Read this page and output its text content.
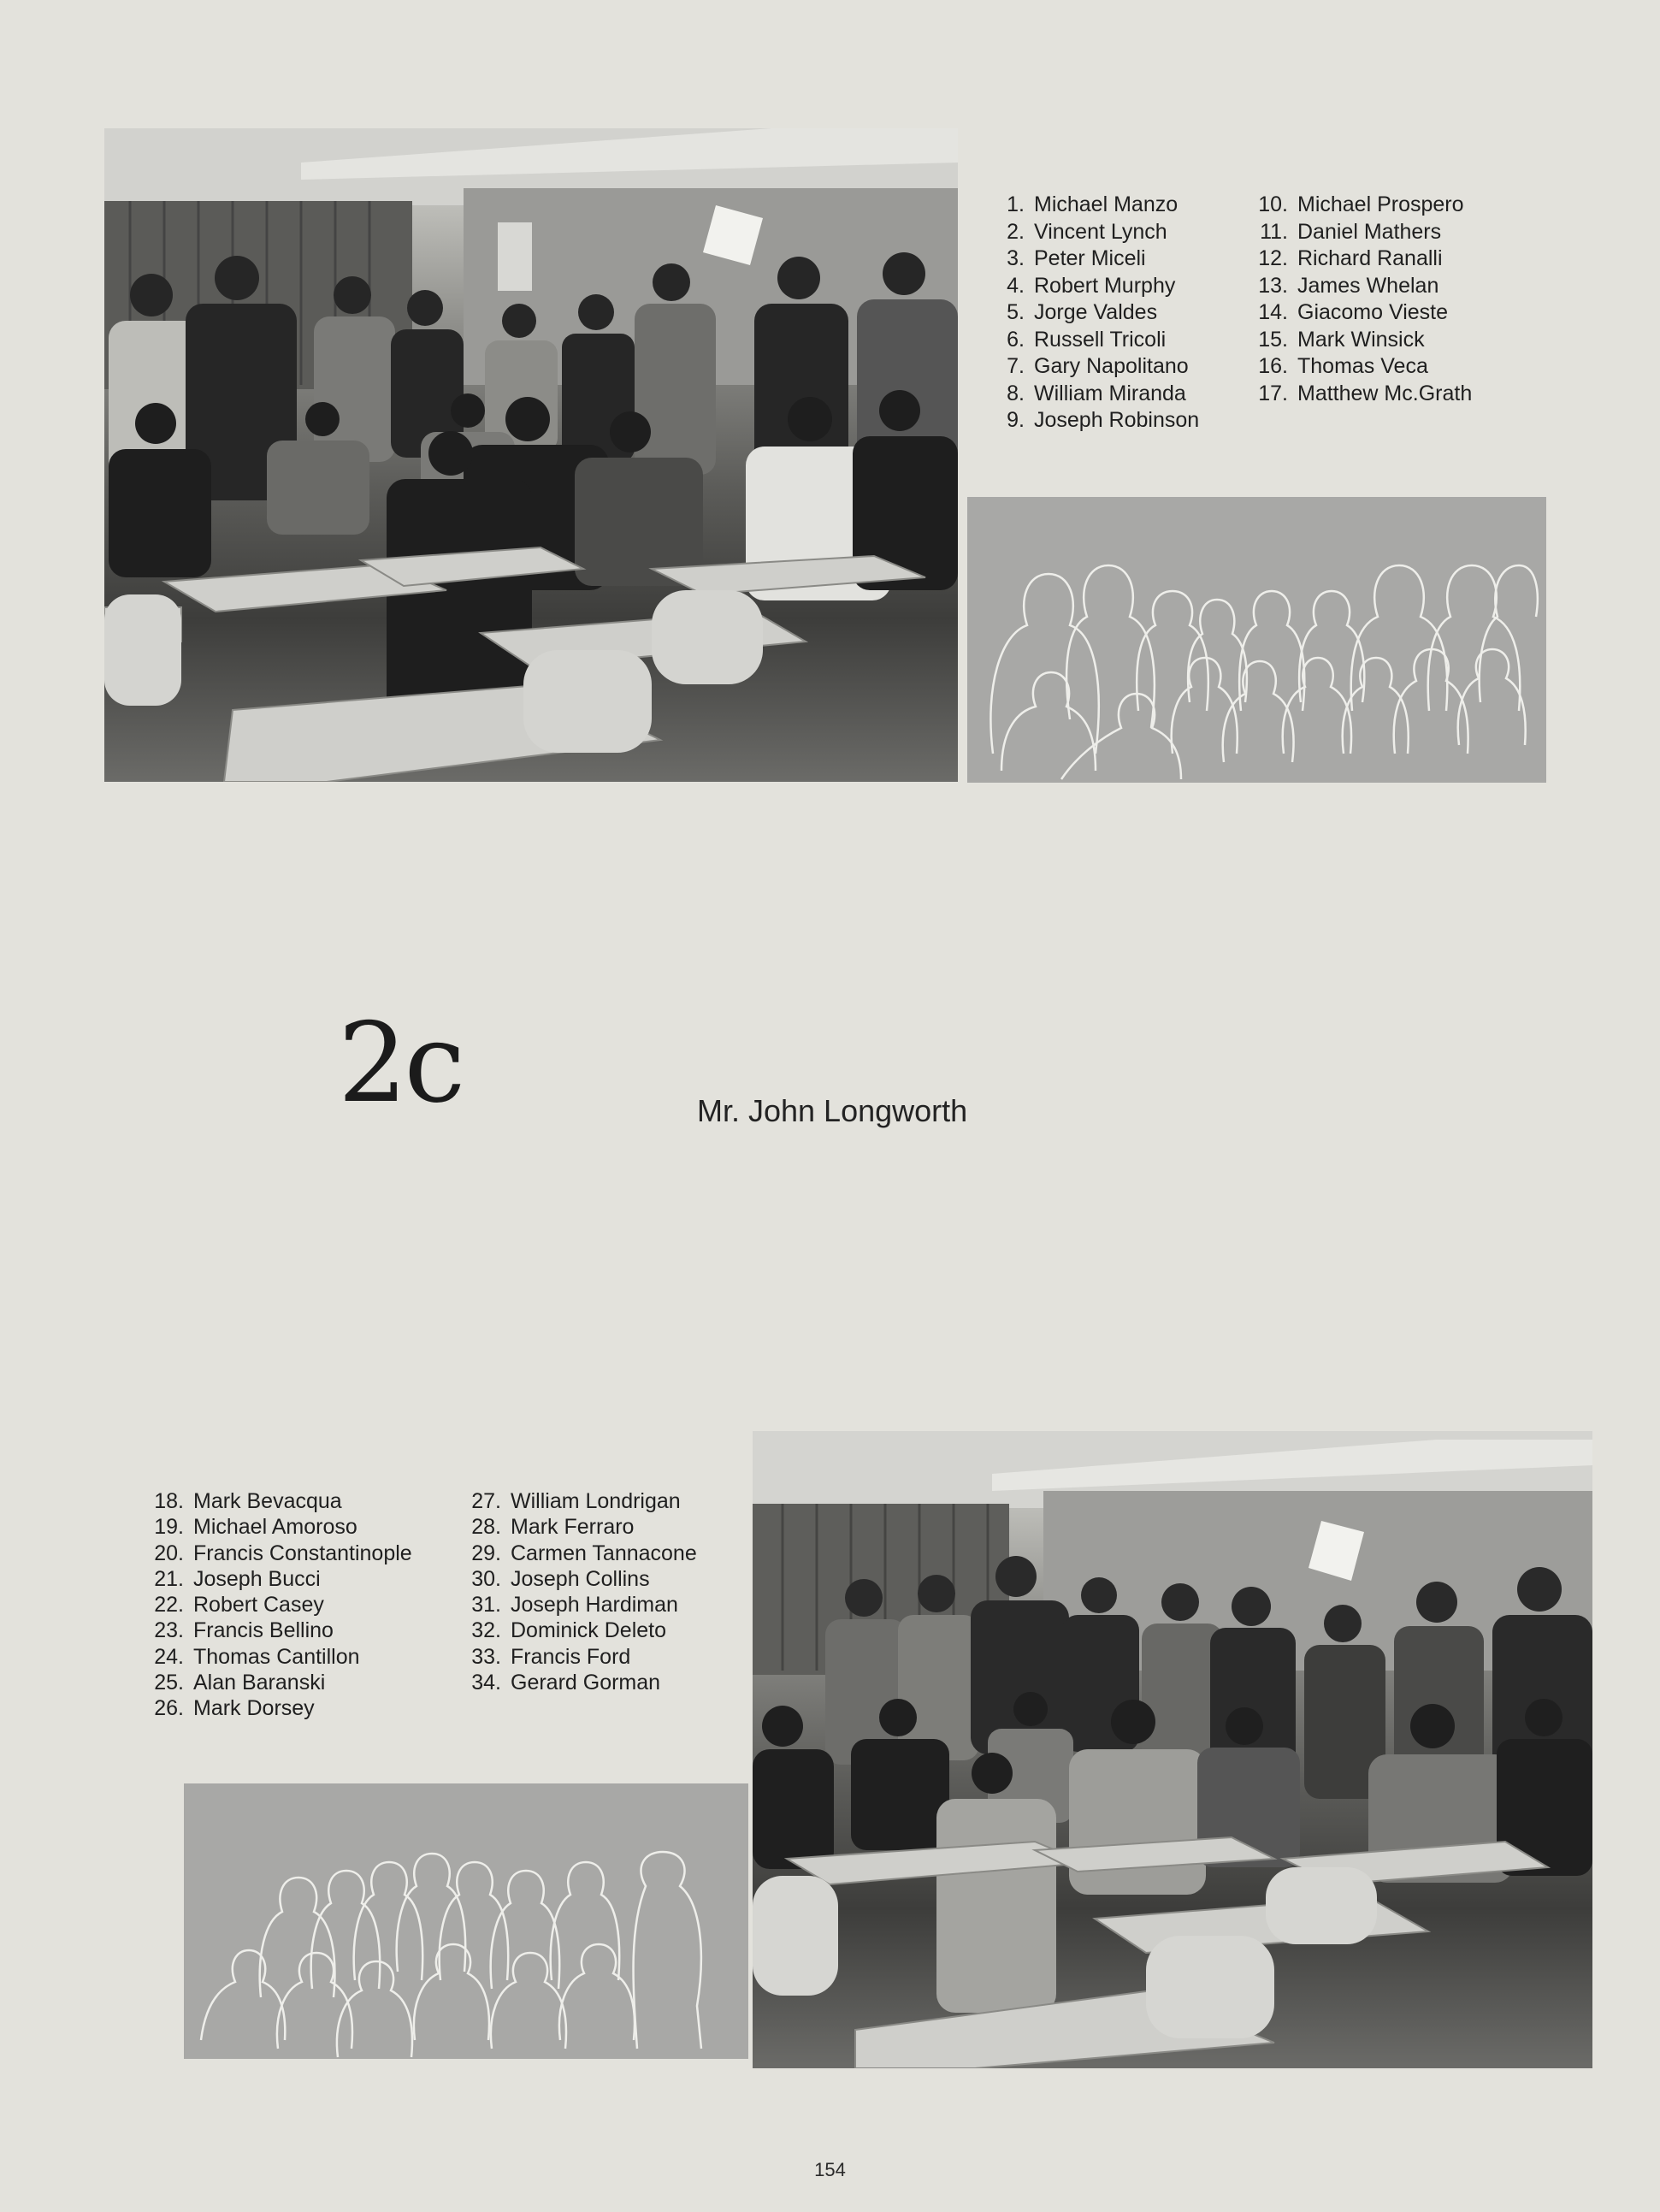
1. Michael Manzo
2. Vincent Lynch
3. Peter Miceli
4. Robert Murphy
5. Jorge Valdes
6. Russell Tricoli
7. Gary Napolitano
8. William Miranda
9. Joseph Robinson
10. Michael Prospero
11. Daniel Mathers
12. Richard Ranalli
13. James Whelan
14. Giacomo Vieste
15. Mark Winsick
16. Thomas Veca
17. Matthew Mc.Grath
2c	Mr. John Longworth
18. Mark Bevacqua
19. Michael Amoroso
20. Francis Constantinople
21. Joseph Bucci
22. Robert Casey
23. Francis Bellino
24. Thomas Cantillon
25. Alan Baranski
26. Mark Dorsey
27. William Londrigan
28. Mark Ferraro
29. Carmen Tannacone
30. Joseph Collins
31. Joseph Hardiman
32. Dominick Deleto
33. Francis Ford
34. Gerard Gorman
154
